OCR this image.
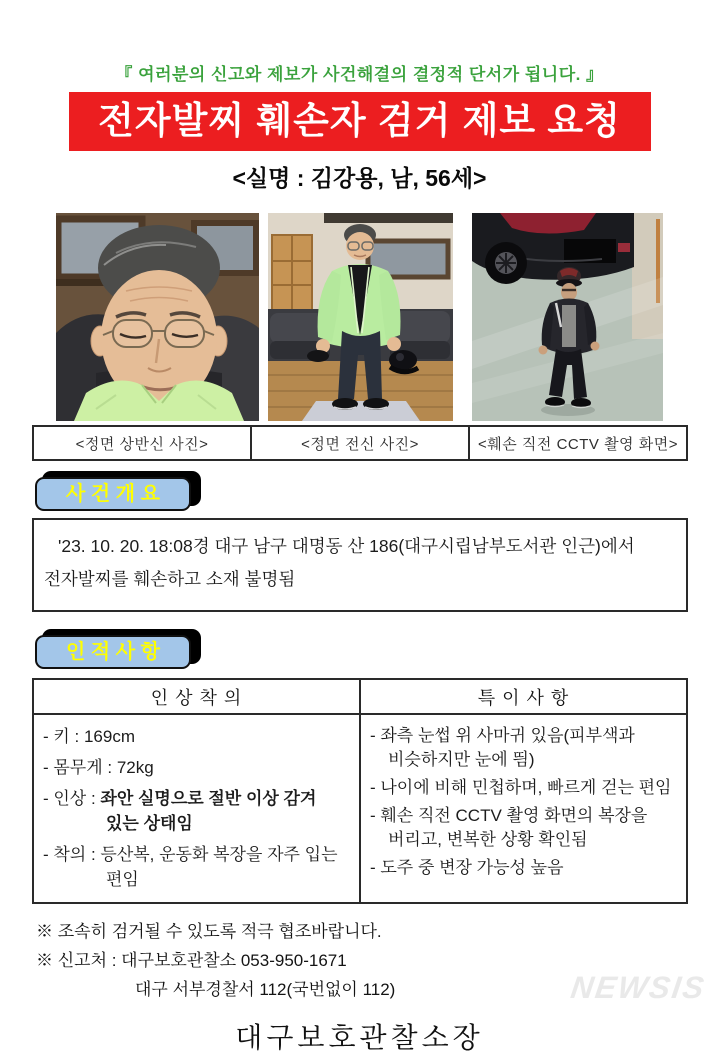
『 여러분의 신고와 제보가 사건해결의 결정적 단서가 됩니다. 』
전자발찌 훼손자 검거 제보 요청
<실명 : 김강용, 남, 56세>
<정면 상반신 사진>	<정면 전신 사진>	<훼손 직전 CCTV 촬영 화면>
사 건 개 요

'23. 10. 20. 18:08경 대구 남구 대명동 산 186(대구시립남부도서관 인근)에서 전자발찌를 훼손하고 소재 불명됨

인 적 사 항
인 상 착 의	특 이 사 항

- 키 : 169cm
- 몸무게 : 72kg
- 인상 : 좌안 실명으로 절반 이상 감겨 있는 상태임
- 착의 : 등산복, 운동화 복장을 자주 입는 편임

- 좌측 눈썹 위 사마귀 있음(피부색과 비슷하지만 눈에 띔)
- 나이에 비해 민첩하며, 빠르게 걷는 편임
- 훼손 직전 CCTV 촬영 화면의 복장을 버리고, 변복한 상황 확인됨
- 도주 중 변장 가능성 높음
※ 조속히 검거될 수 있도록 적극 협조바랍니다.
※ 신고처 : 대구보호관찰소 053-950-1671
대구 서부경찰서 112(국번없이 112)
대구보호관찰소장
NEWSIS
